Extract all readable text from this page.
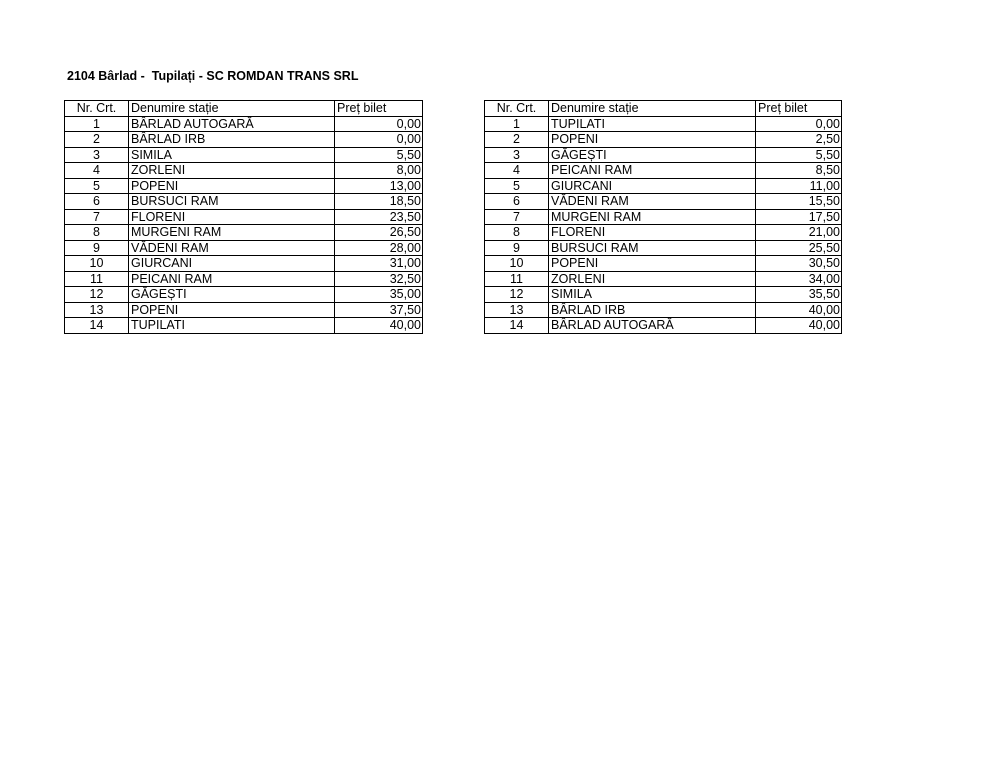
2104 Bârlad -  Tupilați - SC ROMDAN TRANS SRL
Nr. Crt.	Denumire stație	Preț bilet
1	BÂRLAD AUTOGARĂ	0,00
2	BÂRLAD IRB	0,00
3	SIMILA	5,50
4	ZORLENI	8,00
5	POPENI	13,00
6	BURSUCI RAM	18,50
7	FLORENI	23,50
8	MURGENI RAM	26,50
9	VĂDENI RAM	28,00
10	GIURCANI	31,00
11	PEICANI RAM	32,50
12	GĂGEȘTI	35,00
13	POPENI	37,50
14	TUPILATI	40,00
Nr. Crt.	Denumire stație	Preț bilet
1	TUPILATI	0,00
2	POPENI	2,50
3	GĂGEȘTI	5,50
4	PEICANI RAM	8,50
5	GIURCANI	11,00
6	VĂDENI RAM	15,50
7	MURGENI RAM	17,50
8	FLORENI	21,00
9	BURSUCI RAM	25,50
10	POPENI	30,50
11	ZORLENI	34,00
12	SIMILA	35,50
13	BÂRLAD IRB	40,00
14	BÂRLAD AUTOGARĂ	40,00
